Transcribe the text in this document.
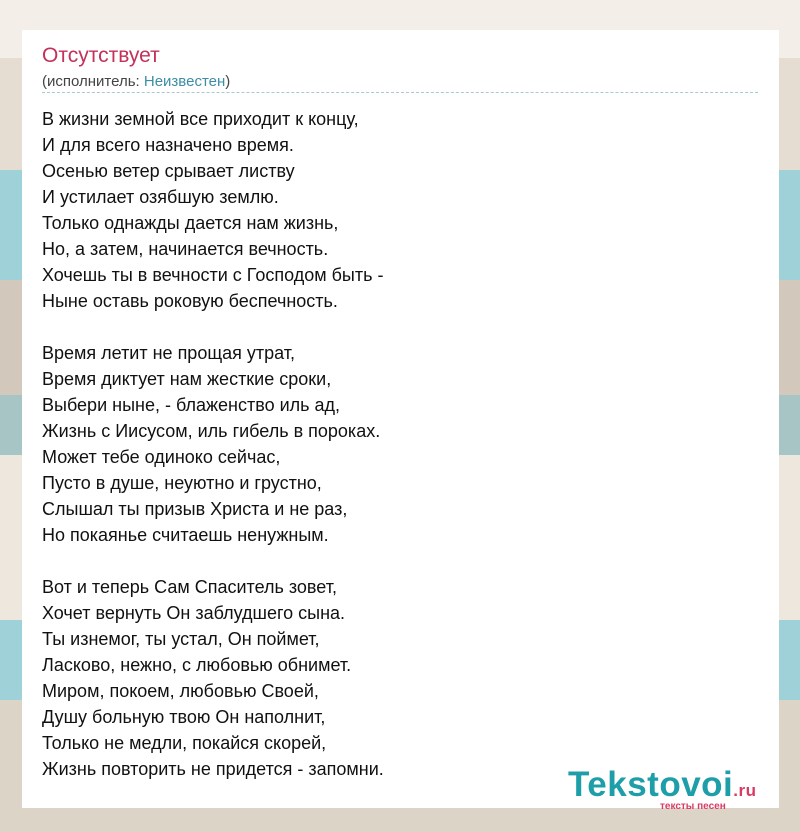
Отсутствует
(исполнитель: Неизвестен)
В жизни земной все приходит к концу,
И для всего назначено время.
Осенью ветер срывает листву
И устилает озябшую землю.
Только однажды дается нам жизнь,
Но, а затем, начинается вечность.
Хочешь ты в вечности с Господом быть -
Ныне оставь роковую беспечность.
Время летит не прощая утрат,
Время диктует нам жесткие сроки,
Выбери ныне, - блаженство иль ад,
Жизнь с Иисусом, иль гибель в пороках.
Может тебе одиноко сейчас,
Пусто в душе, неуютно и грустно,
Слышал ты призыв Христа и не раз,
Но покаянье считаешь ненужным.
Вот и теперь Сам Спаситель зовет,
Хочет вернуть Он заблудшего сына.
Ты изнемог, ты устал, Он поймет,
Ласково, нежно, с любовью обнимет.
Миром, покоем, любовью Своей,
Душу больную твою Он наполнит,
Только не медли, покайся скорей,
Жизнь повторить не придется - запомни.	Tekstovoi.ru
тексты песен
